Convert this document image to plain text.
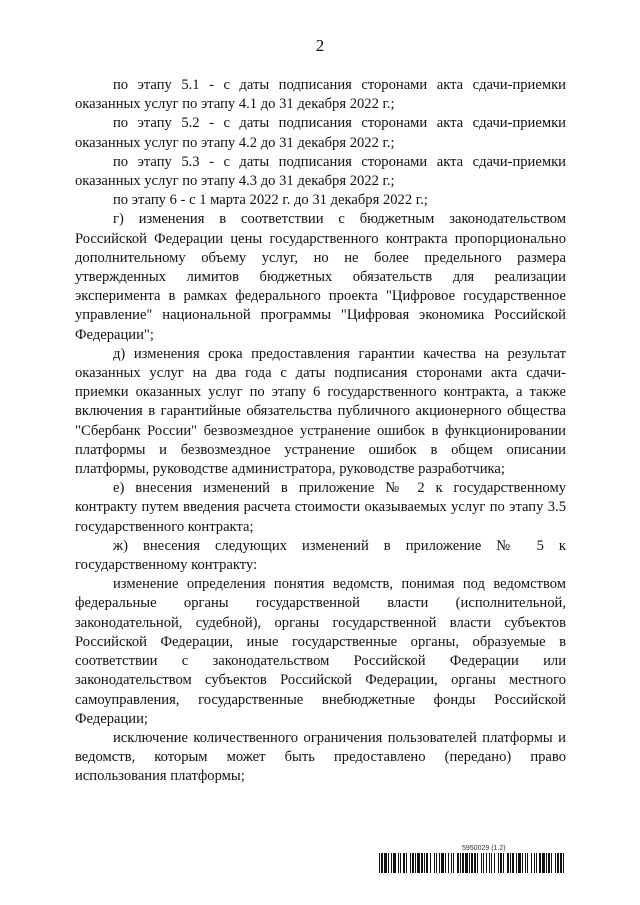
2

по этапу 5.1 - с даты подписания сторонами акта сдачи-приемки оказанных услуг по этапу 4.1 до 31 декабря 2022 г.;

по этапу 5.2 - с даты подписания сторонами акта сдачи-приемки оказанных услуг по этапу 4.2 до 31 декабря 2022 г.;

по этапу 5.3 - с даты подписания сторонами акта сдачи-приемки оказанных услуг по этапу 4.3 до 31 декабря 2022 г.;

по этапу 6 - с 1 марта 2022 г. до 31 декабря 2022 г.;

г) изменения в соответствии с бюджетным законодательством Российской Федерации цены государственного контракта пропорционально дополнительному объему услуг, но не более предельного размера утвержденных лимитов бюджетных обязательств для реализации эксперимента в рамках федерального проекта "Цифровое государственное управление" национальной программы "Цифровая экономика Российской Федерации";

д) изменения срока предоставления гарантии качества на результат оказанных услуг на два года с даты подписания сторонами акта сдачи-приемки оказанных услуг по этапу 6 государственного контракта, а также включения в гарантийные обязательства публичного акционерного общества "Сбербанк России" безвозмездное устранение ошибок в функционировании платформы и безвозмездное устранение ошибок в общем описании платформы, руководстве администратора, руководстве разработчика;

е) внесения изменений в приложение № 2 к государственному контракту путем введения расчета стоимости оказываемых услуг по этапу 3.5 государственного контракта;

ж) внесения следующих изменений в приложение № 5 к государственному контракту:

изменение определения понятия ведомств, понимая под ведомством федеральные органы государственной власти (исполнительной, законодательной, судебной), органы государственной власти субъектов Российской Федерации, иные государственные органы, образуемые в соответствии с законодательством Российской Федерации или законодательством субъектов Российской Федерации, органы местного самоуправления, государственные внебюджетные фонды Российской Федерации;

исключение количественного ограничения пользователей платформы и ведомств, которым может быть предоставлено (передано) право использования платформы;

5950029 (1.2)
